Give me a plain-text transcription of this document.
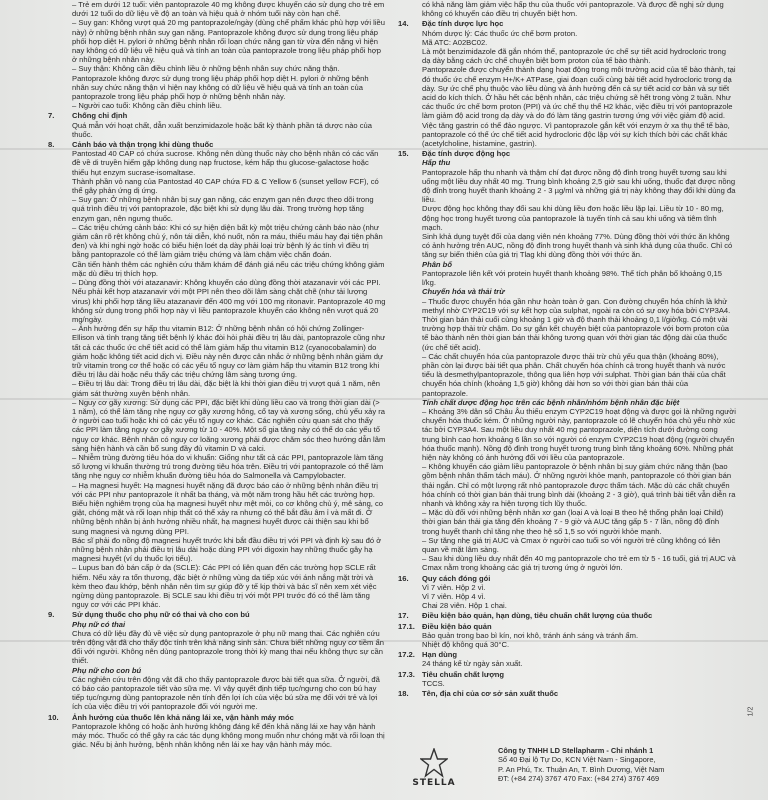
– Trẻ em dưới 12 tuổi: viên pantoprazole 40 mg không được khuyến cáo sử dụng cho trẻ em dưới 12 tuổi do dữ liệu về độ an toàn và hiệu quả ở nhóm tuổi này còn hạn chế.

– Suy gan: Không vượt quá 20 mg pantoprazole/ngày (dùng chế phẩm khác phù hợp với liều này) ở những bệnh nhân suy gan nặng. Pantoprazole không được sử dụng trong liệu pháp phối hợp diệt H. pylori ở những bệnh nhân rối loạn chức năng gan từ vừa đến nặng vì hiện nay không có dữ liệu về hiệu quả và tính an toàn của pantoprazole trong liệu pháp phối hợp ở những bệnh nhân này.

– Suy thận: Không cần điều chỉnh liều ở những bệnh nhân suy chức năng thận. Pantoprazole không được sử dụng trong liệu pháp phối hợp diệt H. pylori ở những bệnh nhân suy chức năng thận vì hiện nay không có dữ liệu về hiệu quả và tính an toàn của pantoprazole trong liệu pháp phối hợp ở những bệnh nhân này.

– Người cao tuổi: Không cần điều chỉnh liều.

7.	Chống chỉ định

Quá mẫn với hoạt chất, dẫn xuất benzimidazole hoặc bất kỳ thành phần tá dược nào của thuốc.

8.	Cảnh báo và thận trọng khi dùng thuốc

Pantostad 40 CAP có chứa sucrose. Không nên dùng thuốc này cho bệnh nhân có các vấn đề về di truyền hiếm gặp không dung nạp fructose, kém hấp thu glucose-galactose hoặc thiếu hụt enzym sucrase-isomaltase.

Thành phần vỏ nang của Pantostad 40 CAP chứa FD & C Yellow 6 (sunset yellow FCF), có thể gây phản ứng dị ứng.

– Suy gan: Ở những bệnh nhân bị suy gan nặng, các enzym gan nên được theo dõi trong quá trình điều trị với pantoprazole, đặc biệt khi sử dụng lâu dài. Trong trường hợp tăng enzym gan, nên ngưng thuốc.

– Các triệu chứng cảnh báo: Khi có sự hiện diện bất kỳ một triệu chứng cảnh báo nào (như giảm cân rõ rệt không chủ ý, nôn tái diễn, khó nuốt, nôn ra máu, thiếu máu hay đại tiện phân đen) và khi nghi ngờ hoặc có biểu hiện loét dạ dày phải loại trừ bệnh lý ác tính vì điều trị bằng pantoprazole có thể làm giảm triệu chứng và làm chậm việc chẩn đoán.

Cần tiến hành thêm các nghiên cứu thăm khám để đánh giá nếu các triệu chứng không giảm mặc dù điều trị thích hợp.

– Dùng đồng thời với atazanavir: Không khuyến cáo dùng đồng thời atazanavir với các PPI. Nếu phải kết hợp atazanavir với một PPI nên theo dõi lâm sàng chặt chẽ (như tải lượng virus) khi phối hợp tăng liều atazanavir đến 400 mg với 100 mg ritonavir. Pantoprazole 40 mg không sử dụng trong phối hợp này vì liều pantoprazole khuyến cáo không nên vượt quá 20 mg/ngày.

– Ảnh hưởng đến sự hấp thu vitamin B12: Ở những bệnh nhân có hội chứng Zollinger-Ellison và tình trạng tăng tiết bệnh lý khác đòi hỏi phải điều trị lâu dài, pantoprazole cũng như tất cả các thuốc ức chế tiết acid có thể làm giảm hấp thu vitamin B12 (cyanocobalamin) do giảm hoặc không tiết acid dịch vị. Điều này nên được cân nhắc ở những bệnh nhân giảm dự trữ vitamin trong cơ thể hoặc có các yếu tố nguy cơ làm giảm hấp thu vitamin B12 trong khi điều trị lâu dài hoặc nếu thấy các triệu chứng lâm sàng tương ứng.

– Điều trị lâu dài: Trong điều trị lâu dài, đặc biệt là khi thời gian điều trị vượt quá 1 năm, nên giám sát thường xuyên bệnh nhân.

– Nguy cơ gãy xương: Sử dụng các PPI, đặc biệt khi dùng liều cao và trong thời gian dài (> 1 năm), có thể làm tăng nhẹ nguy cơ gãy xương hông, cổ tay và xương sống, chủ yếu xảy ra ở người cao tuổi hoặc khi có các yếu tố nguy cơ khác. Các nghiên cứu quan sát cho thấy các PPI làm tăng nguy cơ gãy xương từ 10 - 40%. Một số gia tăng này có thể do các yếu tố nguy cơ khác. Bệnh nhân có nguy cơ loãng xương phải được chăm sóc theo hướng dẫn lâm sàng hiện hành và cần bổ sung đầy đủ vitamin D và calci.

– Nhiễm trùng đường tiêu hóa do vi khuẩn: Giống như tất cả các PPI, pantoprazole làm tăng số lượng vi khuẩn thường trú trong đường tiêu hóa trên. Điều trị với pantoprazole có thể làm tăng nhẹ nguy cơ nhiễm khuẩn đường tiêu hóa do Salmonella và Campylobacter.

– Hạ magnesi huyết: Hạ magnesi huyết nặng đã được báo cáo ở những bệnh nhân điều trị với các PPI như pantoprazole ít nhất ba tháng, và một năm trong hầu hết các trường hợp. Biểu hiện nghiêm trọng của hạ magnesi huyết như mệt mỏi, co cơ không chủ ý, mê sảng, co giật, chóng mặt và rối loạn nhịp thất có thể xảy ra nhưng có thể bắt đầu âm ỉ và mất đi. Ở những bệnh nhân bị ảnh hưởng nhiều nhất, hạ magnesi huyết được cải thiện sau khi bổ sung magnesi và ngưng dùng PPI.

Bác sĩ phải đo nồng độ magnesi huyết trước khi bắt đầu điều trị với PPI và định kỳ sau đó ở những bệnh nhân phải điều trị lâu dài hoặc dùng PPI với digoxin hay những thuốc gây hạ magnesi huyết (ví dụ thuốc lợi tiểu).

– Lupus ban đỏ bán cấp ở da (SCLE): Các PPI có liên quan đến các trường hợp SCLE rất hiếm. Nếu xảy ra tổn thương, đặc biệt ở những vùng da tiếp xúc với ánh nắng mặt trời và kèm theo đau khớp, bệnh nhân nên tìm sự giúp đỡ y tế kịp thời và bác sĩ nên xem xét việc ngừng dùng pantoprazole. Bị SCLE sau khi điều trị với một PPI trước đó có thể làm tăng nguy cơ với các PPI khác.

9.	Sử dụng thuốc cho phụ nữ có thai và cho con bú
Phụ nữ có thai

Chưa có dữ liệu đầy đủ về việc sử dụng pantoprazole ở phụ nữ mang thai. Các nghiên cứu trên động vật đã cho thấy độc tính trên khả năng sinh sản. Chưa biết những nguy cơ tiềm ẩn đối với người. Không nên dùng pantoprazole trong thời kỳ mang thai nếu không thực sự cần thiết.

Phụ nữ cho con bú

Các nghiên cứu trên động vật đã cho thấy pantoprazole được bài tiết qua sữa. Ở người, đã có báo cáo pantoprazole tiết vào sữa mẹ. Vì vậy quyết định tiếp tục/ngưng cho con bú hay tiếp tục/ngưng dùng pantoprazole nên tính đến lợi ích của việc bú sữa mẹ đối với trẻ và lợi ích của việc điều trị với pantoprazole đối với người mẹ.

10.	Ảnh hưởng của thuốc lên khả năng lái xe, vận hành máy móc

Pantoprazole không có hoặc ảnh hưởng không đáng kể đến khả năng lái xe hay vận hành máy móc. Thuốc có thể gây ra các tác dụng không mong muốn như chóng mặt và rối loạn thị giác. Nếu bị ảnh hưởng, bệnh nhân không nên lái xe hay vận hành máy móc.

có khả năng làm giảm việc hấp thu của thuốc với pantoprazole. Và được đề nghị sử dụng không có khuyến cáo điều trị chuyển biệt hơn.

14.	Đặc tính dược lực học

Nhóm dược lý: Các thuốc ức chế bơm proton.

Mã ATC: A02BC02.

Là một benzimidazole đã gắn nhóm thế, pantoprazole ức chế sự tiết acid hydrocloric trong dạ dày bằng cách ức chế chuyên biệt bơm proton của tế bào thành.

Pantoprazole được chuyển thành dạng hoạt động trong môi trường acid của tế bào thành, tại đó thuốc ức chế enzym H+/K+ ATPase, giai đoạn cuối cùng bài tiết acid hydrocloric trong dạ dày. Sự ức chế phụ thuộc vào liều dùng và ảnh hưởng đến cả sự tiết acid cơ bản và sự tiết acid do kích thích. Ở hầu hết các bệnh nhân, các triệu chứng sẽ hết trong vòng 2 tuần. Như các thuốc ức chế bơm proton (PPI) và ức chế thụ thể H2 khác, việc điều trị với pantoprazole làm giảm độ acid trong dạ dày và do đó làm tăng gastrin tương ứng với việc giảm độ acid. Việc tăng gastrin có thể đảo ngược. Vì pantoprazole gắn kết với enzym ở xa thụ thể tế bào, pantoprazole có thể ức chế tiết acid hydrocloric độc lập với sự kích thích bởi các chất khác (acetylcholine, histamine, gastrin).

15.	Đặc tính dược động học
Hấp thu

Pantoprazole hấp thu nhanh và thậm chí đạt được nồng độ đỉnh trong huyết tương sau khi uống một liều duy nhất 40 mg. Trung bình khoảng 2,5 giờ sau khi uống, thuốc đạt được nồng độ đỉnh trong huyết thanh khoảng 2 - 3 µg/ml và những giá trị này không thay đổi khi dùng đa liều.

Dược động học không thay đổi sau khi dùng liều đơn hoặc liều lặp lại. Liều từ 10 - 80 mg, động học trong huyết tương của pantoprazole là tuyến tính cả sau khi uống và tiêm tĩnh mạch.

Sinh khả dụng tuyệt đối của dạng viên nén khoảng 77%. Dùng đồng thời với thức ăn không có ảnh hưởng trên AUC, nồng độ đỉnh trong huyết thanh và sinh khả dụng của thuốc. Chỉ có tăng sự biến thiên của giá trị Tlag khi dùng đồng thời với thức ăn.

Phân bố

Pantoprazole liên kết với protein huyết thanh khoảng 98%. Thể tích phân bố khoảng 0,15 l/kg.

Chuyển hóa và thải trừ

– Thuốc được chuyển hóa gần như hoàn toàn ở gan. Con đường chuyển hóa chính là khử methyl nhờ CYP2C19 với sự kết hợp của sulphat, ngoài ra còn có sự oxy hóa bởi CYP3A4. Thời gian bán thải cuối cùng khoảng 1 giờ và độ thanh thải khoảng 0,1 l/giờ/kg. Có một vài trường hợp thải trừ chậm. Do sự gắn kết chuyên biệt của pantoprazole với bơm proton của tế bào thành nên thời gian bán thải không tương quan với thời gian tác động dài của thuốc (ức chế tiết acid).

– Các chất chuyển hóa của pantoprazole được thải trừ chủ yếu qua thận (khoảng 80%), phần còn lại được bài tiết qua phân. Chất chuyển hóa chính cả trong huyết thanh và nước tiểu là desmethylpantoprazole, thông qua liên hợp với sulphat. Thời gian bán thải của chất chuyển hóa chính (khoảng 1,5 giờ) không dài hơn so với thời gian bán thải của pantoprazole.

Tính chất dược động học trên các bệnh nhân/nhóm bệnh nhân đặc biệt

– Khoảng 3% dân số Châu Âu thiếu enzym CYP2C19 hoạt động và được gọi là những người chuyển hóa thuốc kém. Ở những người này, pantoprazole có lẽ chuyển hóa chủ yếu nhờ xúc tác bởi CYP3A4. Sau một liều duy nhất 40 mg pantoprazole, diện tích dưới đường cong trung bình cao hơn khoảng 6 lần so với người có enzym CYP2C19 hoạt động (người chuyển hóa thuốc mạnh). Nồng độ đỉnh trong huyết tương trung bình tăng khoảng 60%. Những phát hiện này không có ảnh hưởng đối với liều của pantoprazole.

– Không khuyến cáo giảm liều pantoprazole ở bệnh nhân bị suy giảm chức năng thận (bao gồm bệnh nhân thẩm tách máu). Ở những người khỏe mạnh, pantoprazole có thời gian bán thải ngắn. Chỉ có một lượng rất nhỏ pantoprazole được thẩm tách. Mặc dù các chất chuyển hóa chính có thời gian bán thải trung bình dài (khoảng 2 - 3 giờ), quá trình bài tiết vẫn diễn ra nhanh và không xảy ra hiện tượng tích lũy thuốc.

– Mặc dù đối với những bệnh nhân xơ gan (loại A và loại B theo hệ thống phân loại Child) thời gian bán thải gia tăng đến khoảng 7 - 9 giờ và AUC tăng gấp 5 - 7 lần, nồng độ đỉnh trong huyết thanh chỉ tăng nhẹ theo hệ số 1,5 so với người khỏe mạnh.

– Sự tăng nhẹ giá trị AUC và Cmax ở người cao tuổi so với người trẻ cũng không có liên quan về mặt lâm sàng.

– Sau khi dùng liều duy nhất đến 40 mg pantoprazole cho trẻ em từ 5 - 16 tuổi, giá trị AUC và Cmax nằm trong khoảng các giá trị tương ứng ở người lớn.

16.	Quy cách đóng gói

Vỉ 7 viên. Hộp 2 vỉ.

Vỉ 7 viên. Hộp 4 vỉ.

Chai 28 viên. Hộp 1 chai.

17.	Điều kiện bảo quản, hạn dùng, tiêu chuẩn chất lượng của thuốc
17.1. Điều kiện bảo quản

Bảo quản trong bao bì kín, nơi khô, tránh ánh sáng và tránh ẩm.

Nhiệt độ không quá 30°C.

17.2. Hạn dùng

24 tháng kể từ ngày sản xuất.

17.3. Tiêu chuẩn chất lượng

TCCS.

18.	Tên, địa chỉ của cơ sở sản xuất thuốc
1/2
STELLA
Công ty TNHH LD Stellapharm - Chi nhánh 1
Số 40 Đại lộ Tự Do, KCN Việt Nam - Singapore,
P. An Phú, Tx. Thuận An, T. Bình Dương, Việt Nam
ĐT: (+84 274) 3767 470 Fax: (+84 274) 3767 469
